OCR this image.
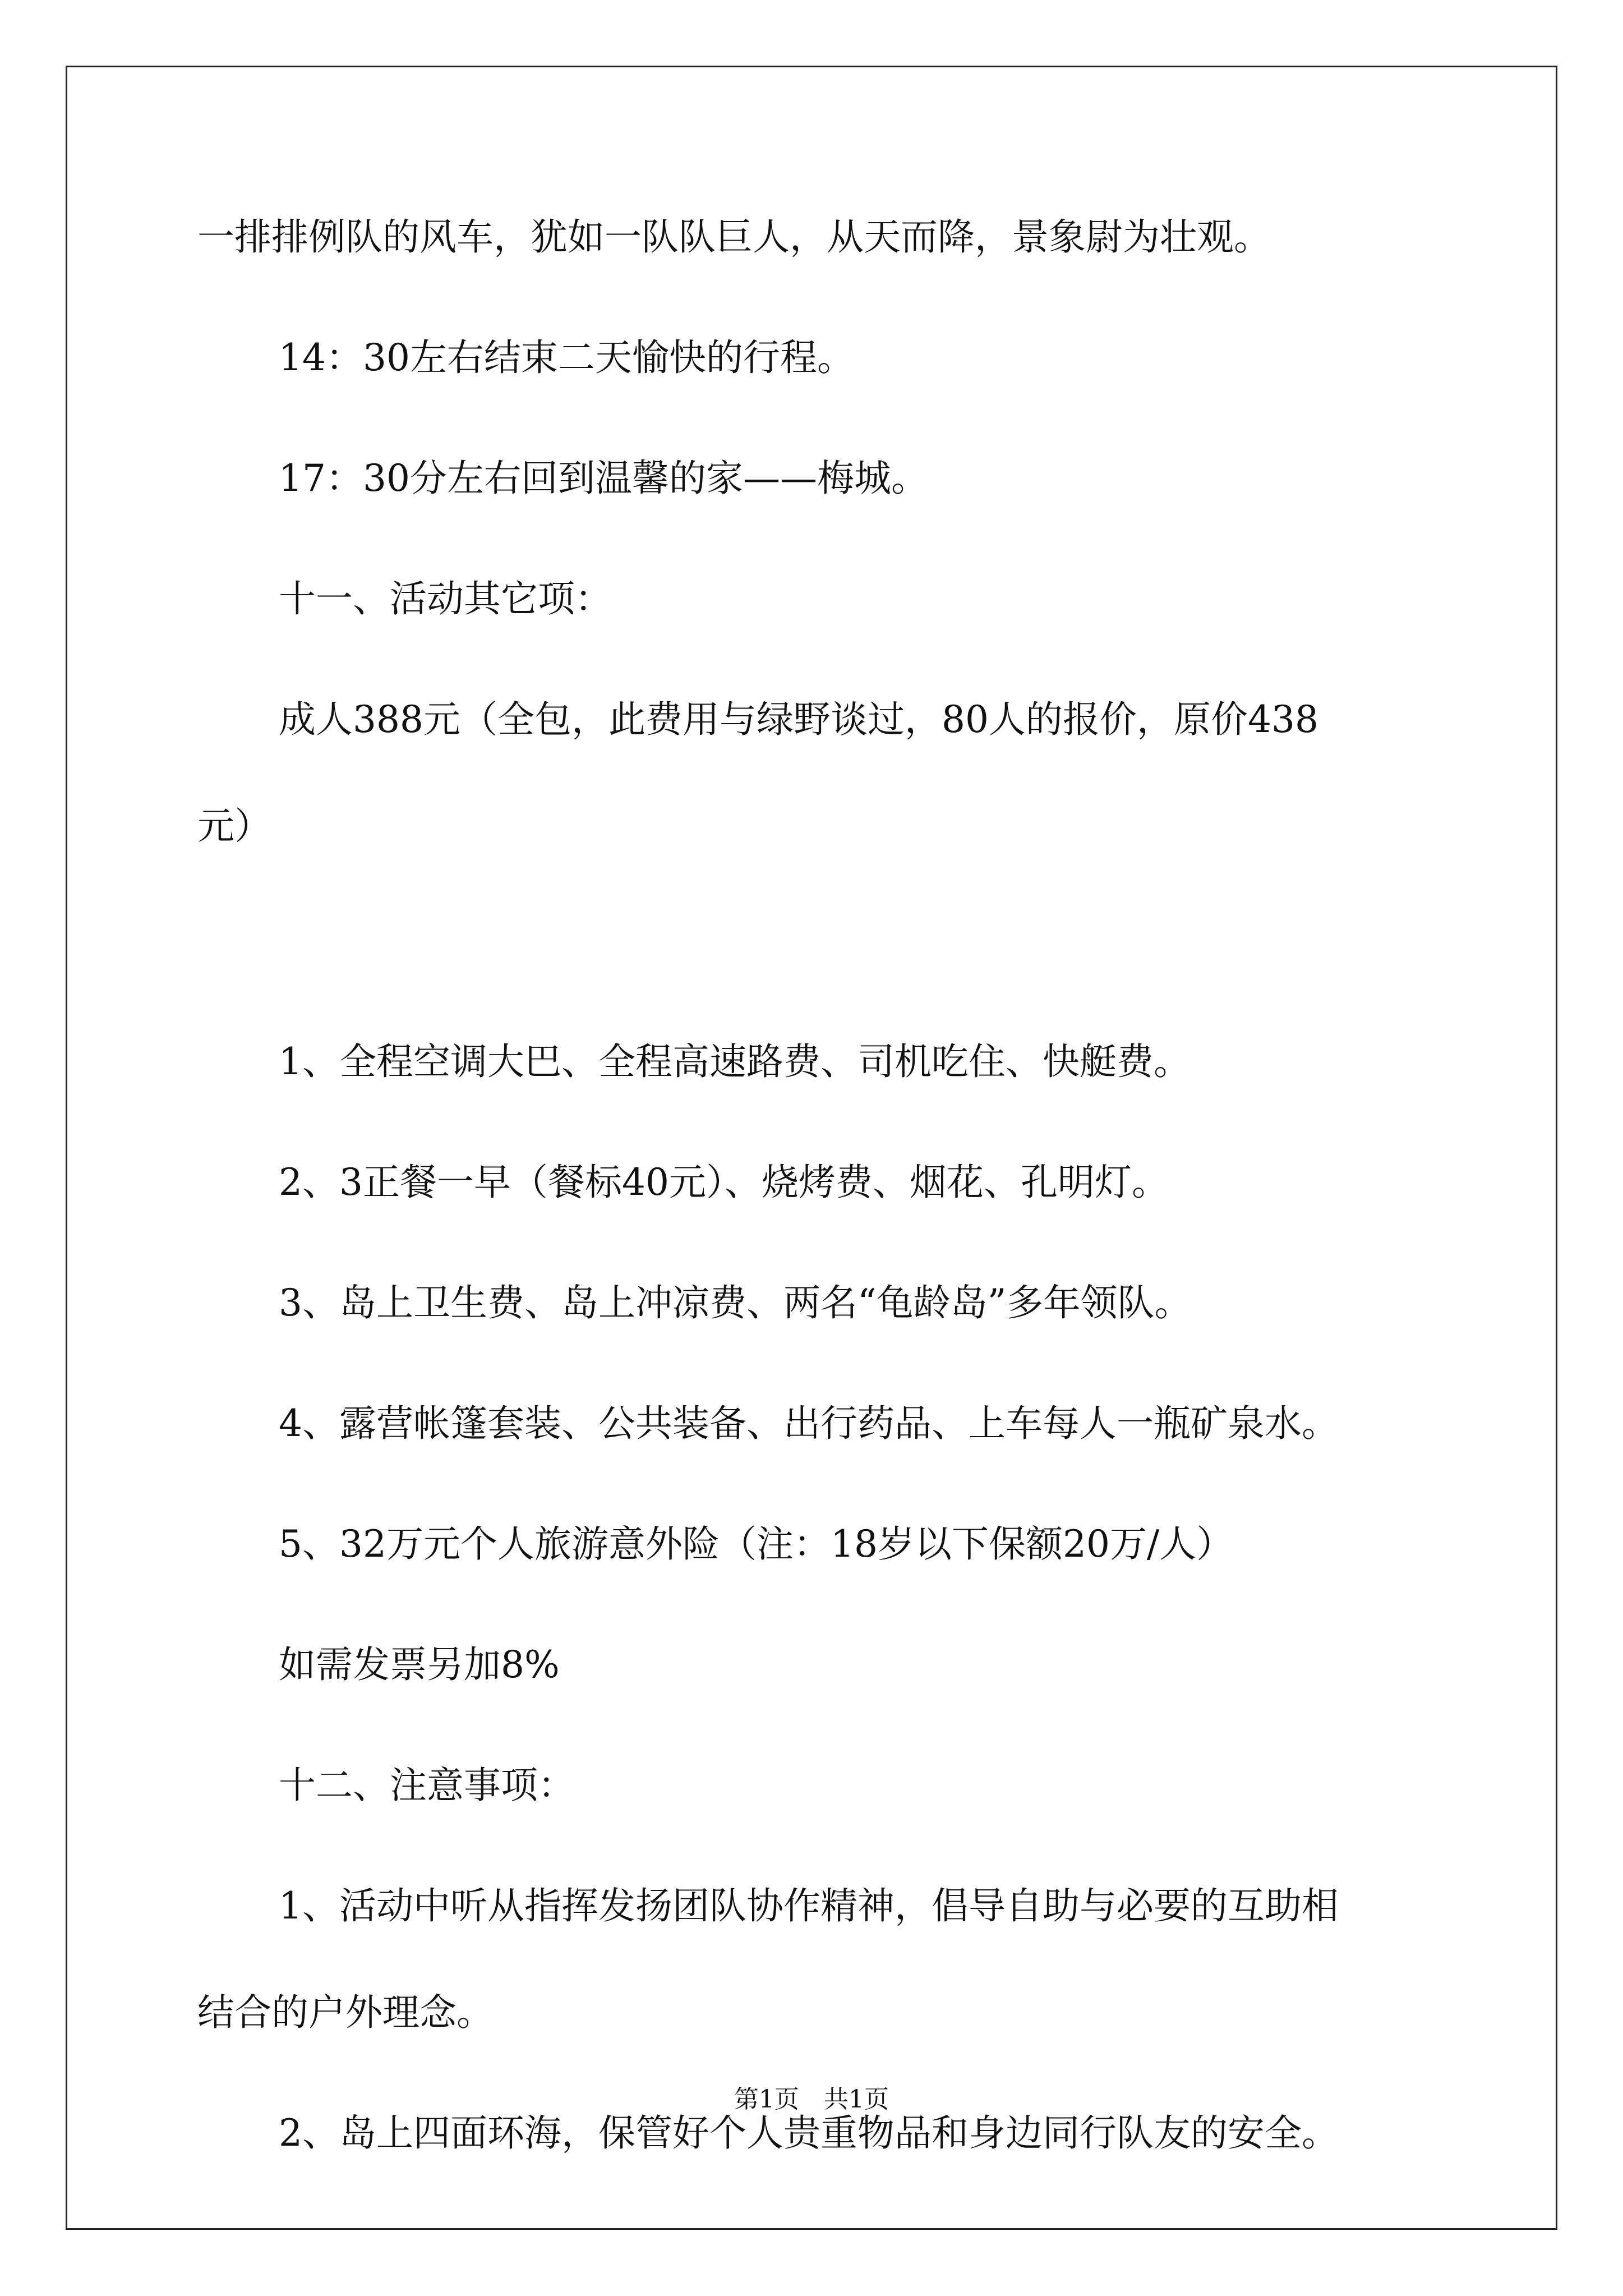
一排排例队的风车，犹如一队队巨人，从天而降，景象尉为壮观。
14：30左右结束二天愉快的行程。
17：30分左右回到温馨的家——梅城。
十一、活动其它项：
成人388元（全包，此费用与绿野谈过，80人的报价，原价438
元）
1、全程空调大巴、全程高速路费、司机吃住、快艇费。
2、3正餐一早（餐标40元）、烧烤费、烟花、孔明灯。
3、岛上卫生费、岛上冲凉费、两名“龟龄岛”多年领队。
4、露营帐篷套装、公共装备、出行药品、上车每人一瓶矿泉水。
5、32万元个人旅游意外险（注：18岁以下保额20万/人）
如需发票另加8%
十二、注意事项：
1、活动中听从指挥发扬团队协作精神，倡导自助与必要的互助相
结合的户外理念。
2、岛上四面环海，保管好个人贵重物品和身边同行队友的安全。
第1页　共1页
